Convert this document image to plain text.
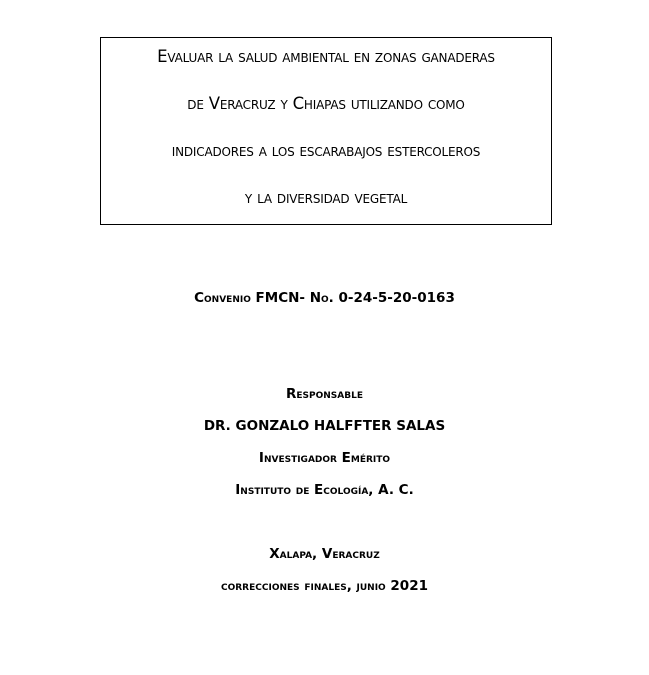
Evaluar la salud ambiental en zonas ganaderas
de Veracruz y Chiapas utilizando como
indicadores a los escarabajos estercoleros
y la diversidad vegetal
Convenio FMCN- No. 0-24-5-20-0163
Responsable
DR. GONZALO HALFFTER SALAS
Investigador Emérito
Instituto de Ecología, A. C.
Xalapa, Veracruz
correcciones finales, junio 2021
